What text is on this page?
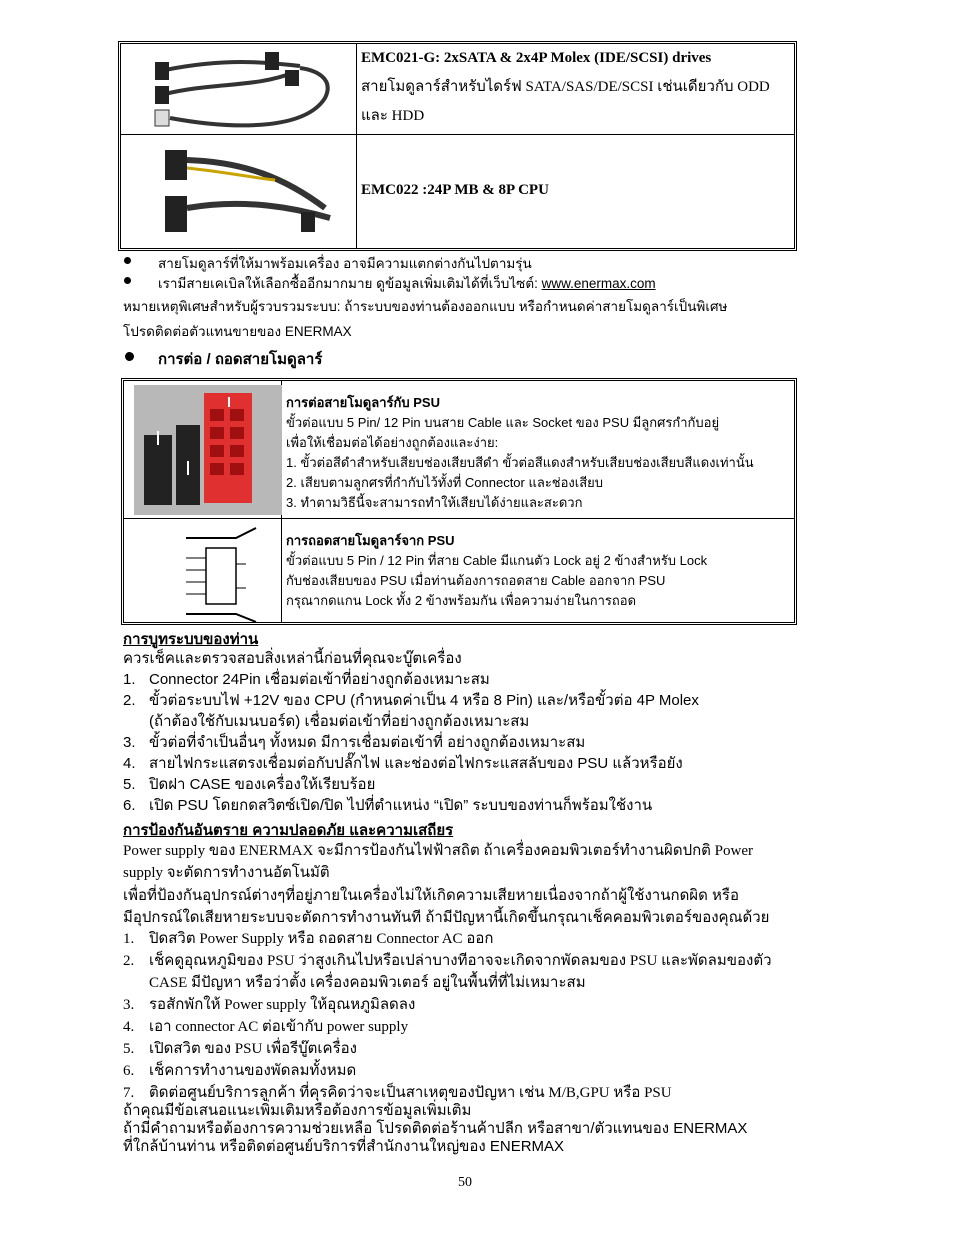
EMC021-G: 2xSATA & 2x4P Molex (IDE/SCSI) drives
สายโมดูลาร์สำหรับไดร์ฟ SATA/SAS/DE/SCSI เช่นเดียวกับ ODD
และ HDD
EMC022 :24P MB & 8P CPU
สายโมดูลาร์ที่ให้มาพร้อมเครื่อง อาจมีความแตกต่างกันไปตามรุ่น
เรามีสายเคเบิลให้เลือกซื้ออีกมากมาย ดูข้อมูลเพิ่มเติมได้ที่เว็บไซต์: www.enermax.com
หมายเหตุพิเศษสำหรับผู้รวบรวมระบบ: ถ้าระบบของท่านต้องออกแบบ หรือกำหนดค่าสายโมดูลาร์เป็นพิเศษ
โปรดติดต่อตัวแทนขายของ ENERMAX
การต่อ / ถอดสายโมดูลาร์
การต่อสายโมดูลาร์กับ PSU
ขั้วต่อแบบ 5 Pin/ 12 Pin บนสาย Cable และ Socket ของ PSU มีลูกศรกำกับอยู่
เพื่อให้เชื่อมต่อได้อย่างถูกต้องและง่าย:
1. ขั้วต่อสีดำสำหรับเสียบช่องเสียบสีดำ ขั้วต่อสีแดงสำหรับเสียบช่องเสียบสีแดงเท่านั้น
2. เสียบตามลูกศรที่กำกับไว้ทั้งที่ Connector และช่องเสียบ
3. ทำตามวิธีนี้จะสามารถทำให้เสียบได้ง่ายและสะดวก
การถอดสายโมดูลาร์จาก PSU
ขั้วต่อแบบ 5 Pin / 12 Pin ที่สาย Cable มีแกนตัว Lock อยู่ 2 ข้างสำหรับ Lock
กับช่องเสียบของ PSU เมื่อท่านต้องการถอดสาย Cable ออกจาก PSU
กรุณากดแกน Lock ทั้ง 2 ข้างพร้อมกัน เพื่อความง่ายในการถอด
การบูทระบบของท่าน
ควรเช็คและตรวจสอบสิ่งเหล่านี้ก่อนที่คุณจะบู๊ตเครื่อง
1. Connector 24Pin เชื่อมต่อเข้าที่อย่างถูกต้องเหมาะสม
2. ขั้วต่อระบบไฟ +12V ของ CPU (กำหนดค่าเป็น 4 หรือ 8 Pin) และ/หรือขั้วต่อ 4P Molex
(ถ้าต้องใช้กับเมนบอร์ด) เชื่อมต่อเข้าที่อย่างถูกต้องเหมาะสม
3. ขั้วต่อที่จำเป็นอื่นๆ ทั้งหมด มีการเชื่อมต่อเข้าที่ อย่างถูกต้องเหมาะสม
4. สายไฟกระแสตรงเชื่อมต่อกับปลั๊กไฟ และช่องต่อไฟกระแสสลับของ PSU แล้วหรือยัง
5. ปิดฝา CASE ของเครื่องให้เรียบร้อย
6. เปิด PSU โดยกดสวิตซ์เปิด/ปิด ไปที่ตำแหน่ง “เปิด” ระบบของท่านก็พร้อมใช้งาน
การป้องกันอันตราย ความปลอดภัย และความเสถียร
Power supply ของ ENERMAX จะมีการป้องกันไฟฟ้าสถิต ถ้าเครื่องคอมพิวเตอร์ทำงานผิดปกติ Power
supply จะตัดการทำงานอัตโนมัติ
เพื่อที่ป้องกันอุปกรณ์ต่างๆที่อยู่ภายในเครื่องไม่ให้เกิดความเสียหายเนื่องจากถ้าผู้ใช้งานกดผิด หรือ
มีอุปกรณ์ใดเสียหายระบบจะตัดการทำงานทันที ถ้ามีปัญหานี้เกิดขึ้นกรุณาเช็คคอมพิวเตอร์ของคุณด้วย
1. ปิดสวิต Power Supply หรือ ถอดสาย Connector AC ออก
2. เช็คดูอุณหภูมิของ PSU ว่าสูงเกินไปหรือเปล่าบางทีอาจจะเกิดจากพัดลมของ PSU และพัดลมของตัว
CASE มีปัญหา หรือว่าตั้ง เครื่องคอมพิวเตอร์ อยู่ในพื้นที่ที่ไม่เหมาะสม
3. รอสักพักให้ Power supply ให้อุณหภูมิลดลง
4. เอา connector AC ต่อเข้ากับ power supply
5. เปิดสวิต ของ PSU เพื่อรีบู๊ตเครื่อง
6. เช็คการทำงานของพัดลมทั้งหมด
7. ติดต่อศูนย์บริการลูกค้า ที่คุรคิดว่าจะเป็นสาเหตุของปัญหา เช่น M/B,GPU หรือ PSU
ถ้าคุณมีข้อเสนอแนะเพิ่มเติมหรือต้องการข้อมูลเพิ่มเติม
ถ้ามีคำถามหรือต้องการความช่วยเหลือ โปรดติดต่อร้านค้าปลีก หรือสาขา/ตัวแทนของ ENERMAX
ที่ใกล้บ้านท่าน หรือติดต่อศูนย์บริการที่สำนักงานใหญ่ของ ENERMAX
50
